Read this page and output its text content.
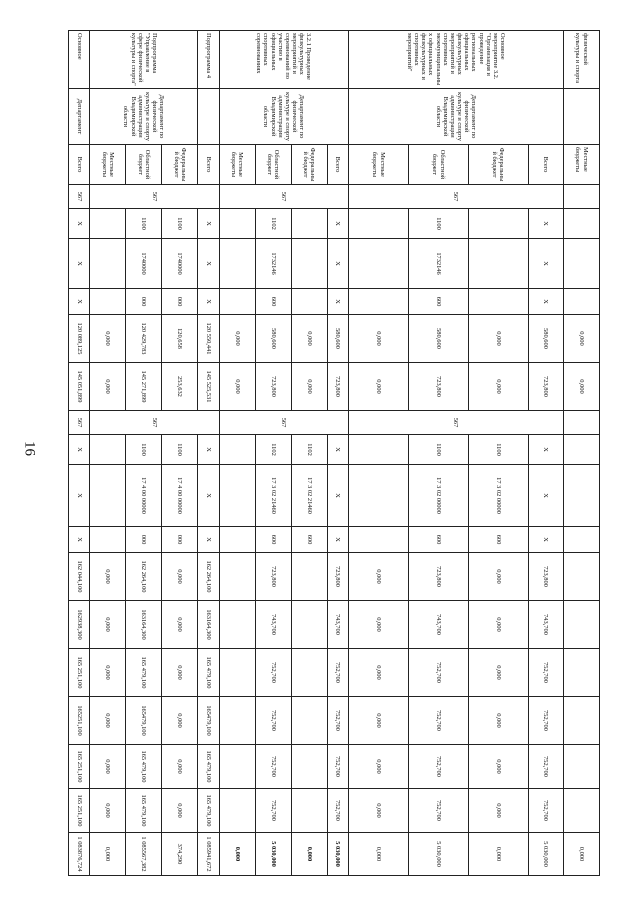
16
физической культуры и спорта		Местные бюджеты					0,000	0,000											0,000
Основное мероприятие 3.2. "Организация и проведение региональных официальных физкультурных мероприятий и спортивных межмуниципальных официальных физкультурных и спортивных мероприятий"	Департамент по физической культуре и спорту администрации Владимирской области	Всего	567	X	X	X	580,600	723,800	567	X	X	X	723,800	743,700	752,700	752,700	752,700	752,700	5 030,000
		Федеральный бюджет					0,000	0,000		1100	17 3 02 00000	600	0,000	0,000	0,000	0,000	0,000	0,000	0,000
		Областной бюджет		1100	1732146	600	580,600	723,800		1100	17 3 02 00000	600	723,800	743,700	752,700	752,700	752,700	752,700	5 030,000
		Местные бюджеты					0,000	0,000					0,000	0,000	0,000	0,000	0,000	0,000	0,000
3.2.1 Проведение физкультурных мероприятий и соревнований по участию в официальных спортивных соревнованиях	Департамент по физической культуре и спорту администрации Владимирской области	Всего	567	X	X	X	580,600	723,800	567	X	X	X	723,800	743,700	752,700	752,700	752,700	752,700	5 030,000
		Федеральный бюджет					0,000	0,000		1102	17 3 02 21460	600							0,000
		Областной бюджет		1102	1732146	600	580,600	723,800		1102	17 3 02 21460	600	723,800	743,700	752,700	752,700	752,700	752,700	5 030,000
		Местные бюджеты					0,000	0,000											0,000
Подпрограмма 4		Всего	567	X	X	X	120 550,441	145 525,531	567	X	X	X	162 264,100	163164,300	165 479,100	165479,100	165 479,100	165 479,100	1 085941,672
Подпрограмма "Управление в сфере физической культуры и спорта"	Департамент по физической культуре и спорту администрации Владимирской области	Федеральный бюджет		1100	1740000	000	120,658	253,632		1100	17 4 00 00000	000	0,000	0,000	0,000	0,000	0,000	0,000	374,290
		Областной бюджет		1100	1740000	000	120 429,783	145 271,899		1100	17 4 00 00000	000	162 264,100	163164,300	165 479,100	165479,100	165 479,100	165 479,100	1 085567,382
		Местные бюджеты					0,000	0,000					0,000	0,000	0,000	0,000	0,000	0,000	0,000
Основное	Департамент	Всего	567	X	X	X	120 089,125	145 051,899	567	X	X	X	162 044,100	162938,300	165 251,100	165251,100	165 251,100	165 251,100	1 083876,724
